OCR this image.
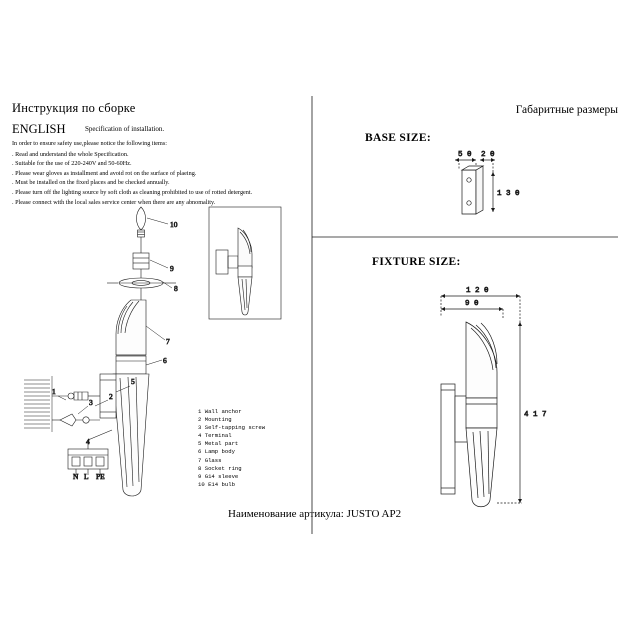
Инструкция по сборке
ENGLISH	Specification of installation.
Габаритные размеры
BASE SIZE:
FIXTURE SIZE:
Наименование артикула: JUSTO AP2
In order to ensure safety use,please notice the following items:
. Read and understand the whole Specification.
. Suitable for the use of 220-240V and 50-60Hz.
. Please wear gloves as installment and avoid rot on the surface of plaeing.
. Must be installed on the fixed places and be checked annually.
. Please turn off the lighting source by soft cloth as cleaning prohibited to use of rotted detergent.
. Please connect with the local sales service center when there are any abnomality.
1 Wall anchor
2 Mounting
3 Self-tapping screw
4 Terminal
5 Metal part
6 Lamp body
7 Glass
8 Socket ring
9 G14 sleeve
10 E14 bulb
N L PE
10
9
8
7
6
5
2
3
1
4
5 0 2 0
1 3 0
1 2 0
9 0
4 1 7
